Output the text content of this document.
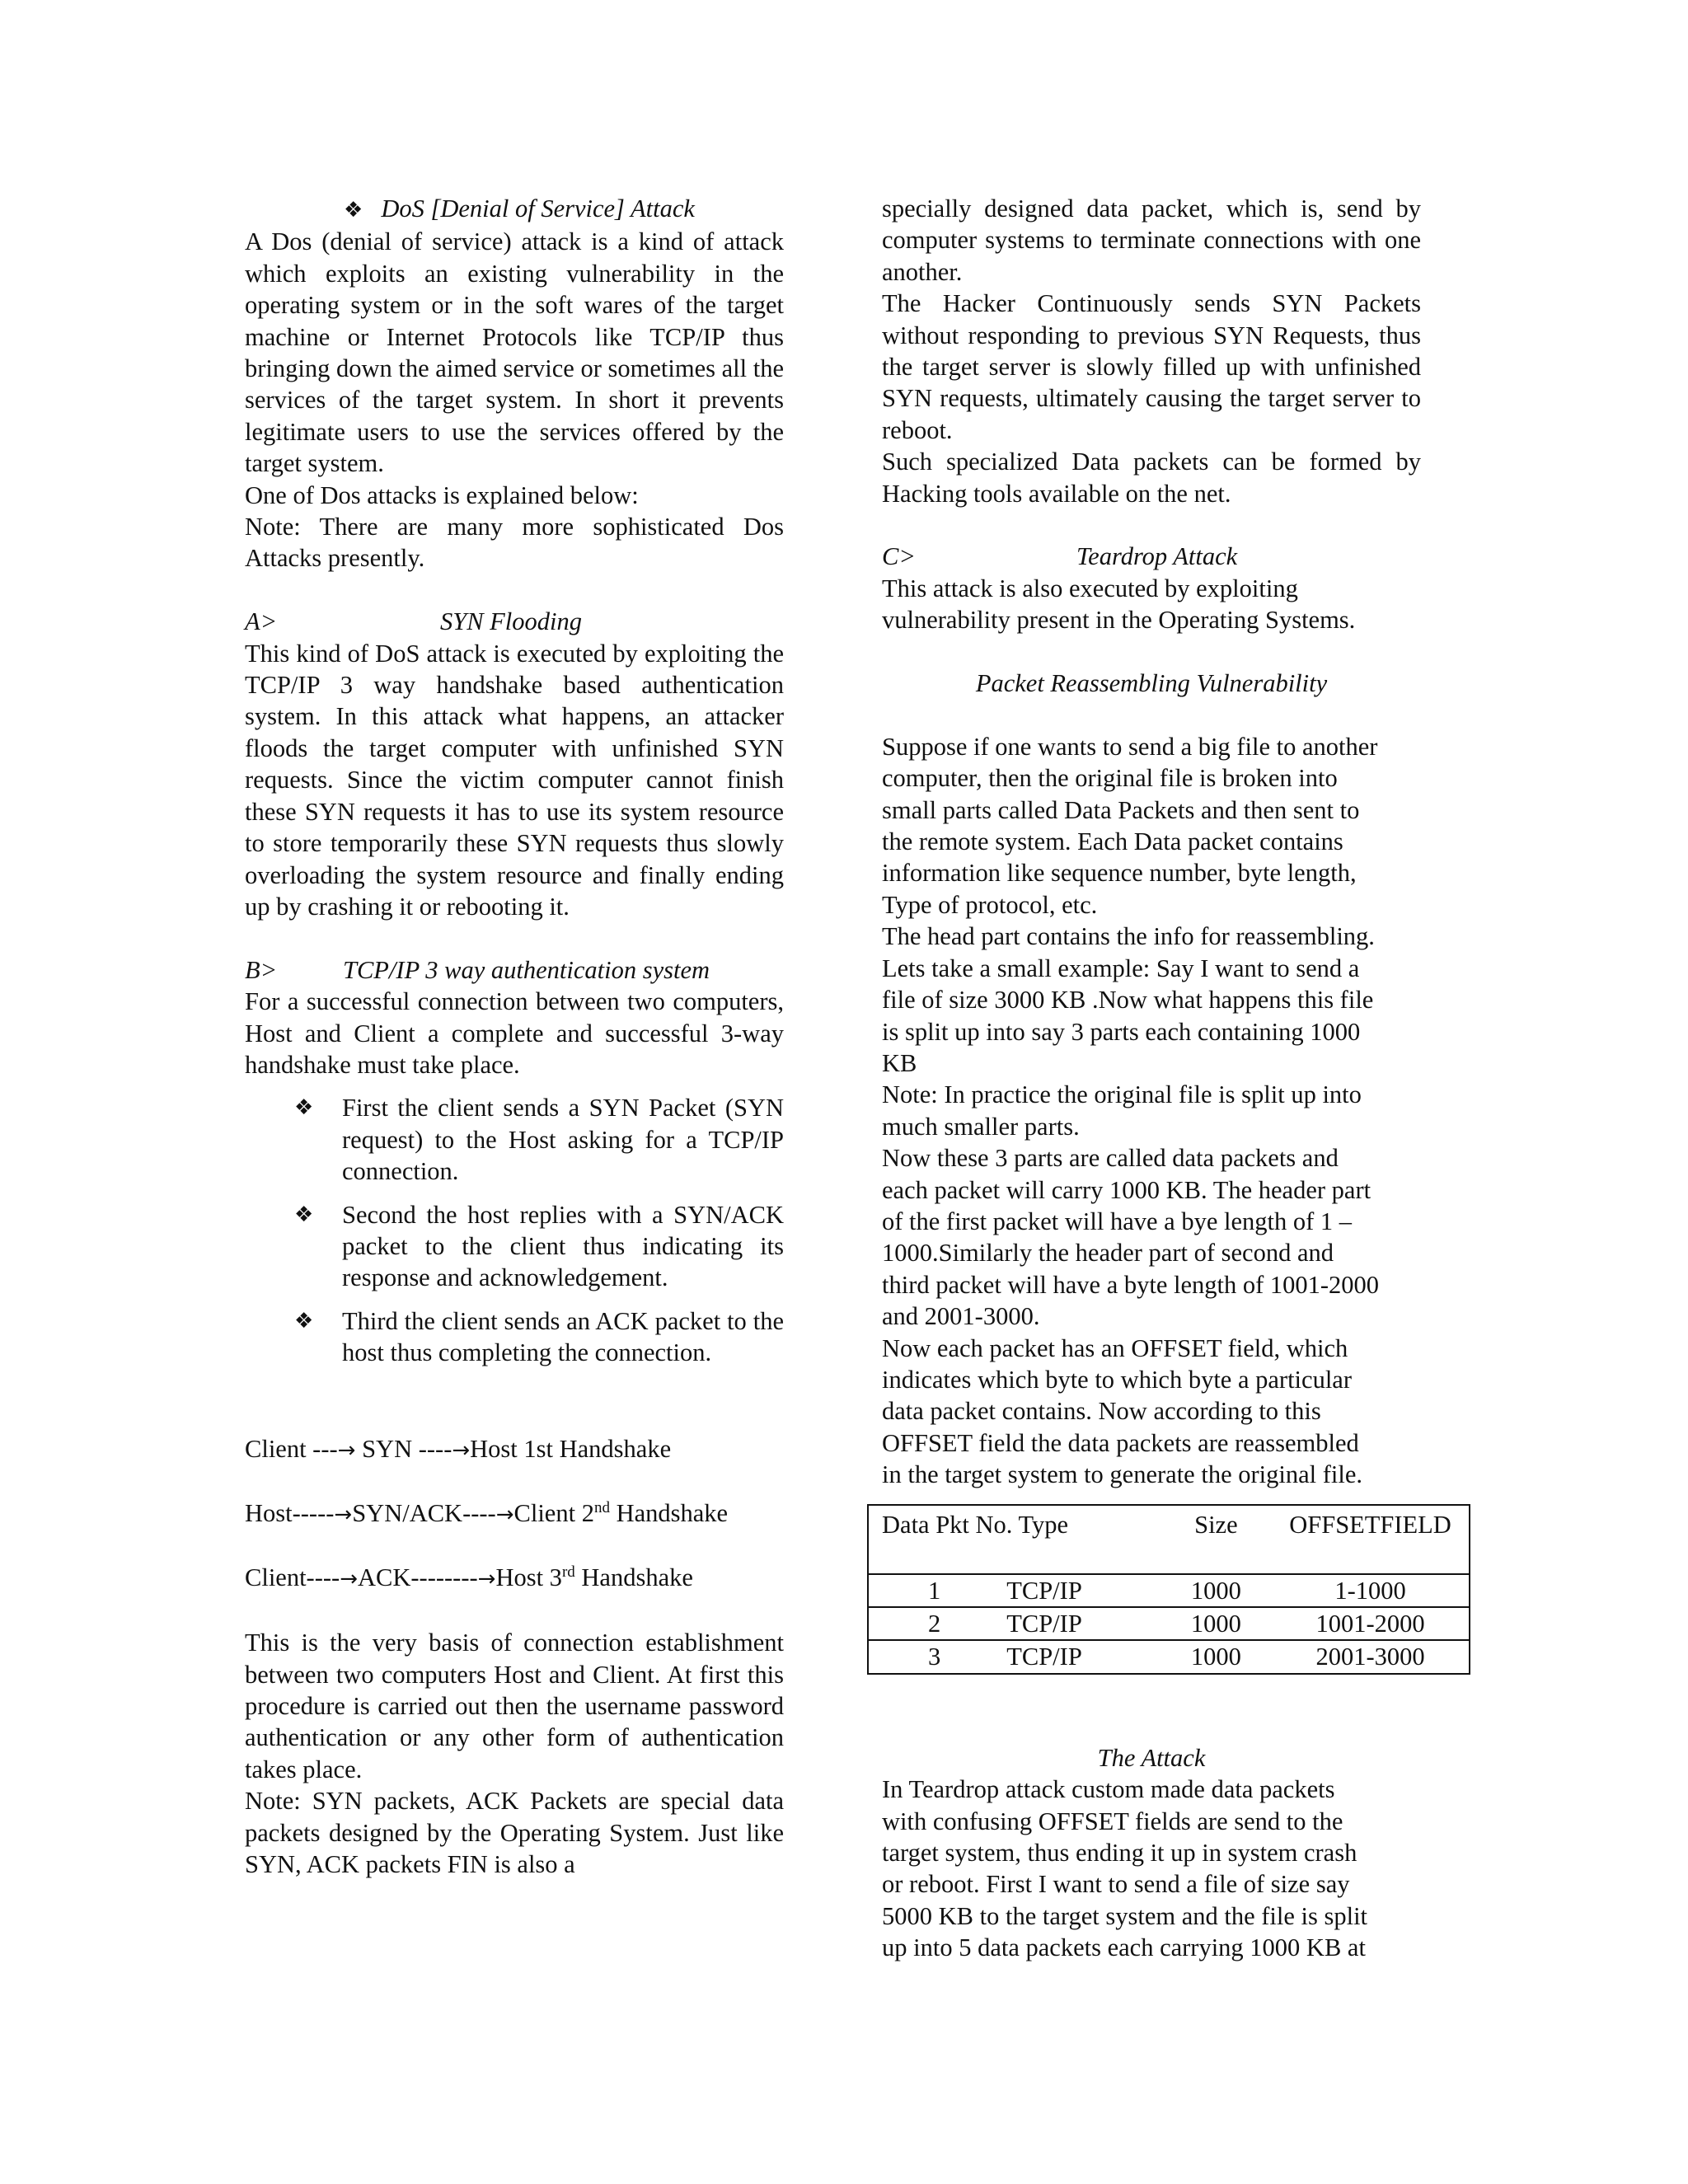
❖ DoS [Denial of Service] Attack

A Dos (denial of service) attack is a kind of attack which exploits an existing vulnerability in the operating system or in the soft wares of the target machine or Internet Protocols like TCP/IP thus bringing down the aimed service or sometimes all the services of the target system. In short it prevents legitimate users to use the services offered by the target system.

One of Dos attacks is explained below:

Note: There are many more sophisticated Dos Attacks presently.

A>	SYN Flooding

This kind of DoS attack is executed by exploiting the TCP/IP 3 way handshake based authentication system. In this attack what happens, an attacker floods the target computer with unfinished SYN requests. Since the victim computer cannot finish these SYN requests it has to use its system resource to store temporarily these SYN requests thus slowly overloading the system resource and finally ending up by crashing it or rebooting it.

B>	TCP/IP 3 way authentication system

For a successful connection between two computers, Host and Client a complete and successful 3-way handshake must take place.

❖ First the client sends a SYN Packet (SYN request) to the Host asking for a TCP/IP connection.
❖ Second the host replies with a SYN/ACK packet to the client thus indicating its response and acknowledgement.
❖ Third the client sends an ACK packet to the host thus completing the connection.

Client ---→ SYN ----→Host 1st Handshake

Host-----→SYN/ACK----→Client 2nd Handshake

Client----→ACK--------→Host 3rd Handshake

This is the very basis of connection establishment between two computers Host and Client. At first this procedure is carried out then the username password authentication or any other form of authentication takes place.

Note: SYN packets, ACK Packets are special data packets designed by the Operating System. Just like SYN, ACK packets FIN is also a

specially designed data packet, which is, send by computer systems to terminate connections with one another.

The Hacker Continuously sends SYN Packets without responding to previous SYN Requests, thus the target server is slowly filled up with unfinished SYN requests, ultimately causing the target server to reboot.

Such specialized Data packets can be formed by Hacking tools available on the net.

C>	Teardrop Attack

This attack is also executed by exploiting vulnerability present in the Operating Systems.

Packet Reassembling Vulnerability

Suppose if one wants to send a big file to another

computer, then the original file is broken into

small parts called Data Packets and then sent to

the remote system. Each Data packet contains

information like sequence number, byte length,

Type of protocol, etc.

The head part contains the info for reassembling.

Lets take a small example: Say I want to send a

file of size 3000 KB .Now what happens this file

is split up into say 3 parts each containing 1000

KB

Note: In practice the original file is split up into

much smaller parts.

Now these 3 parts are called data packets and

each packet will carry 1000 KB. The header part

of the first packet will have a bye length of 1 –

1000.Similarly the header part of second and

third packet will have a byte length of 1001-2000

and 2001-3000.

Now each packet has an OFFSET field, which

indicates which byte to which byte a particular

data packet contains. Now according to this

OFFSET field the data packets are reassembled

in the target system to generate the original file.

Data Pkt No. Type		Size	OFFSETFIELD
1 TCP/IP		1000	1-1000
2 TCP/IP		1000	1001-2000
3 TCP/IP		1000	2001-3000

The Attack

In Teardrop attack custom made data packets

with confusing OFFSET fields are send to the

target system, thus ending it up in system crash

or reboot. First I want to send a file of size say

5000 KB to the target system and the file is split

up into 5 data packets each carrying 1000 KB at
